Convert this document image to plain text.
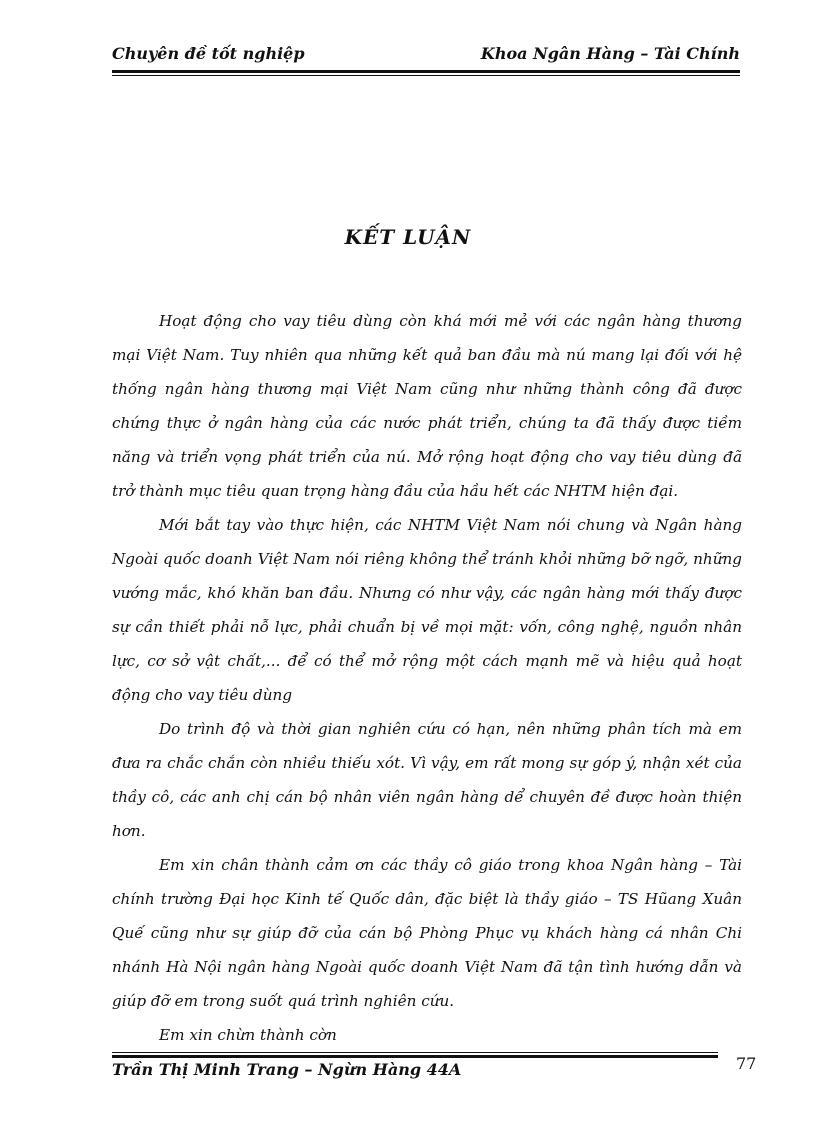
Chuyên đề tốt nghiệp	Khoa Ngân Hàng – Tài Chính
KẾT LUẬN

Hoạt động cho vay tiêu dùng còn khá mới mẻ với các ngân hàng thương mại Việt Nam. Tuy nhiên qua những kết quả ban đầu mà nú mang lại đối với hệ thống ngân hàng thương mại Việt Nam cũng như những thành công đã được chứng thực ở ngân hàng của các nước phát triển, chúng ta đã thấy được tiềm năng và triển vọng phát triển của nú. Mở rộng hoạt động cho vay tiêu dùng đã trở thành mục tiêu quan trọng hàng đầu của hầu hết các NHTM hiện đại.

Mới bắt tay vào thực hiện, các NHTM Việt Nam nói chung và Ngân hàng Ngoài quốc doanh Việt Nam nói riêng không thể tránh khỏi những bỡ ngỡ, những vướng mắc, khó khăn ban đầu. Nhưng có như vậy, các ngân hàng mới thấy được sự cần thiết phải nỗ lực, phải chuẩn bị về mọi mặt: vốn, công nghệ, nguồn nhân lực, cơ sở vật chất,... để có thể mở rộng một cách mạnh mẽ và hiệu quả hoạt động cho vay tiêu dùng

Do trình độ và thời gian nghiên cứu có hạn, nên những phân tích mà em đưa ra chắc chắn còn nhiều thiếu xót. Vì vậy, em rất mong sự góp ý, nhận xét của thầy cô, các anh chị cán bộ nhân viên ngân hàng dể chuyên đề được hoàn thiện hơn.

Em xin chân thành cảm ơn các thầy cô giáo trong khoa Ngân hàng – Tài chính trường Đại học Kinh tế Quốc dân, đặc biệt là thầy giáo – TS Hũang Xuân Quế cũng như sự giúp đỡ của cán bộ Phòng Phục vụ khách hàng cá nhân Chi nhánh Hà Nội ngân hàng Ngoài quốc doanh Việt Nam đã tận tình hướng dẫn và giúp đỡ em trong suốt quá trình nghiên cứu.

Em xin chừn thành cờn

Trần Thị Minh Trang – Ngừn Hàng 44A	77
